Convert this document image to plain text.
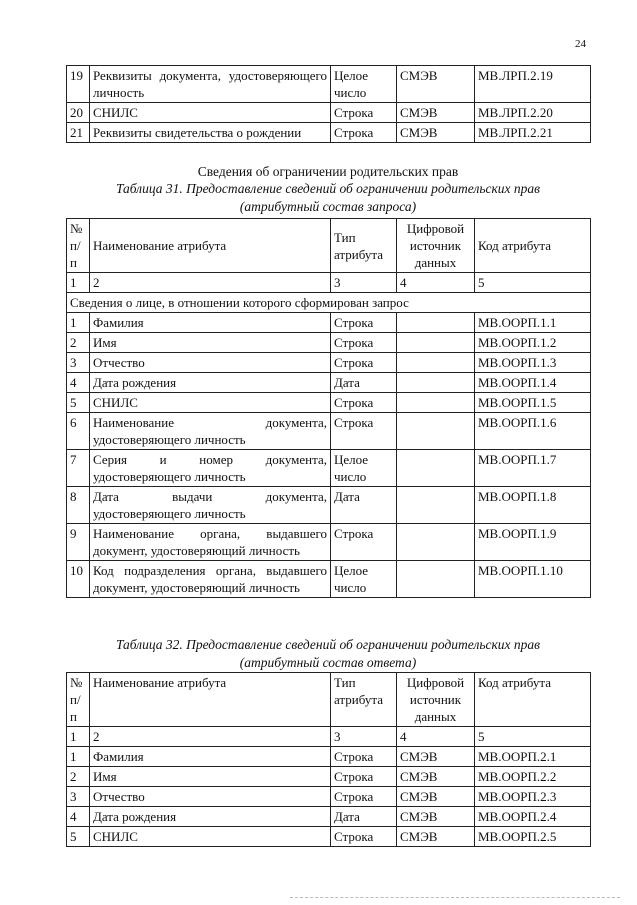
24
19	Реквизиты документа, удостоверяющего личность	Целое число	СМЭВ	МВ.ЛРП.2.19
20	СНИЛС	Строка	СМЭВ	МВ.ЛРП.2.20
21	Реквизиты свидетельства о рождении	Строка	СМЭВ	МВ.ЛРП.2.21
Сведения об ограничении родительских прав
Таблица 31. Предоставление сведений об ограничении родительских прав
(атрибутный состав запроса)
№ п/п	Наименование атрибута	Тип атрибута	Цифровой источник данных	Код атрибута
1	2	3	4	5
Сведения о лице, в отношении которого сформирован запрос				
1	Фамилия	Строка		МВ.ООРП.1.1
2	Имя	Строка		МВ.ООРП.1.2
3	Отчество	Строка		МВ.ООРП.1.3
4	Дата рождения	Дата		МВ.ООРП.1.4
5	СНИЛС	Строка		МВ.ООРП.1.5
6	Наименование документа, удостоверяющего личность	Строка		МВ.ООРП.1.6
7	Серия и номер документа, удостоверяющего личность	Целое число		МВ.ООРП.1.7
8	Дата выдачи документа, удостоверяющего личность	Дата		МВ.ООРП.1.8
9	Наименование органа, выдавшего документ, удостоверяющий личность	Строка		МВ.ООРП.1.9
10	Код подразделения органа, выдавшего документ, удостоверяющий личность	Целое число		МВ.ООРП.1.10
Таблица 32. Предоставление сведений об ограничении родительских прав
(атрибутный состав ответа)
№ п/п	Наименование атрибута	Тип атрибута	Цифровой источник данных	Код атрибута
1	2	3	4	5
1	Фамилия	Строка	СМЭВ	МВ.ООРП.2.1
2	Имя	Строка	СМЭВ	МВ.ООРП.2.2
3	Отчество	Строка	СМЭВ	МВ.ООРП.2.3
4	Дата рождения	Дата	СМЭВ	МВ.ООРП.2.4
5	СНИЛС	Строка	СМЭВ	МВ.ООРП.2.5
